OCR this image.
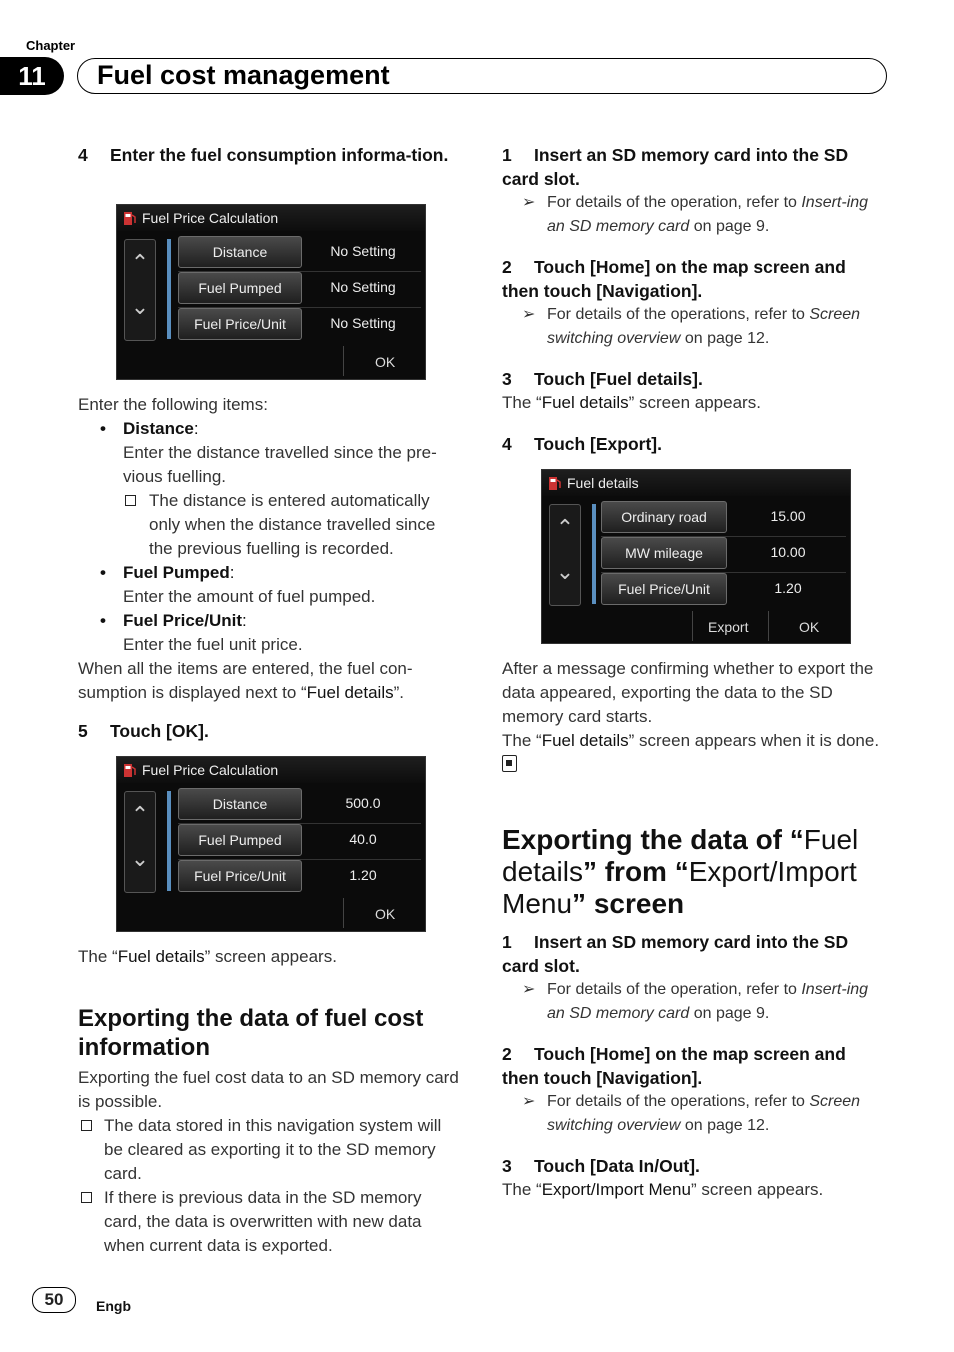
Chapter
11	Fuel cost management
4 Enter the fuel consumption informa-tion.
Fuel Price Calculation
⌃
⌄
Distance	No Setting
Fuel Pumped	No Setting
Fuel Price/Unit	No Setting
OK
Enter the following items:
• Distance:
Enter the distance travelled since the pre-vious fuelling.
The distance is entered automatically only when the distance travelled since the previous fuelling is recorded.
• Fuel Pumped:
Enter the amount of fuel pumped.
• Fuel Price/Unit:
Enter the fuel unit price.
When all the items are entered, the fuel con-sumption is displayed next to “Fuel details”.
5 Touch [OK].
Fuel Price Calculation
⌃
⌄
Distance	500.0
Fuel Pumped	40.0
Fuel Price/Unit	1.20
OK
The “Fuel details” screen appears.
Exporting the data of fuel cost information
Exporting the fuel cost data to an SD memory card is possible.
The data stored in this navigation system will be cleared as exporting it to the SD memory card.
If there is previous data in the SD memory card, the data is overwritten with new data when current data is exported.
1 Insert an SD memory card into the SD card slot.
➢ For details of the operation, refer to Insert-ing an SD memory card on page 9.
2 Touch [Home] on the map screen and then touch [Navigation].
➢ For details of the operations, refer to Screen switching overview on page 12.
3 Touch [Fuel details].
The “Fuel details” screen appears.
4 Touch [Export].
Fuel details
⌃
⌄
Ordinary road	15.00
MW mileage	10.00
Fuel Price/Unit	1.20
Export	OK
After a message confirming whether to export the data appeared, exporting the data to the SD memory card starts.
The “Fuel details” screen appears when it is done.
Exporting the data of “Fuel details” from “Export/Import Menu” screen
1 Insert an SD memory card into the SD card slot.
➢ For details of the operation, refer to Insert-ing an SD memory card on page 9.
2 Touch [Home] on the map screen and then touch [Navigation].
➢ For details of the operations, refer to Screen switching overview on page 12.
3 Touch [Data In/Out].
The “Export/Import Menu” screen appears.
50	Engb
